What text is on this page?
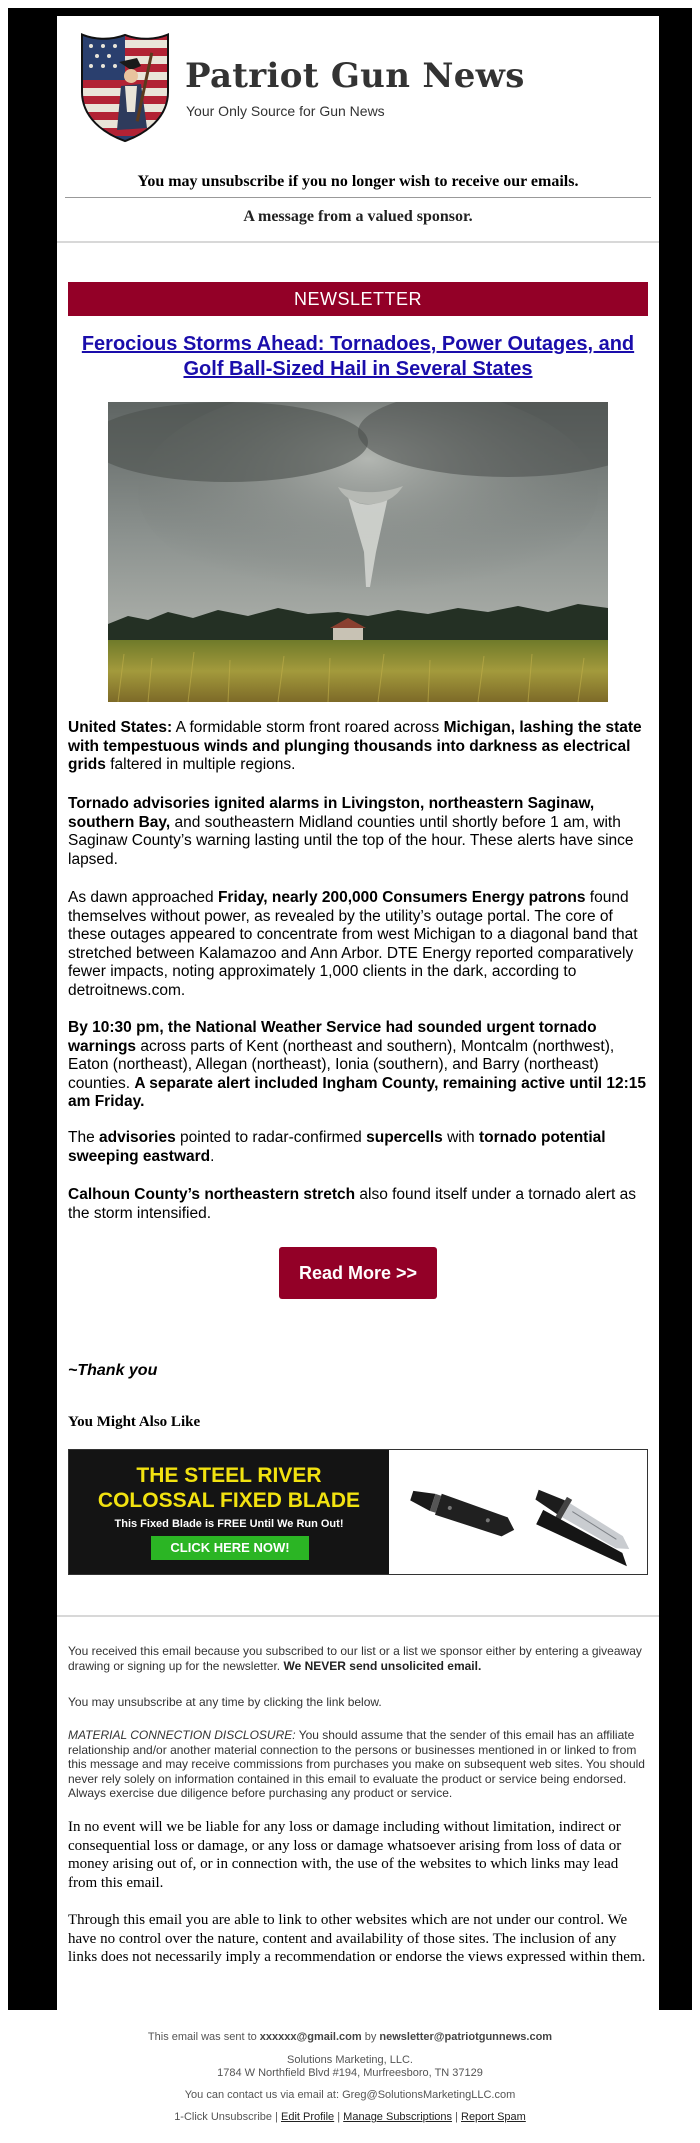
Patriot Gun News
Your Only Source for Gun News
You may unsubscribe if you no longer wish to receive our emails.
A message from a valued sponsor.
NEWSLETTER
Ferocious Storms Ahead: Tornadoes, Power Outages, and Golf Ball-Sized Hail in Several States
United States: A formidable storm front roared across Michigan, lashing the state with tempestuous winds and plunging thousands into darkness as electrical grids faltered in multiple regions.
Tornado advisories ignited alarms in Livingston, northeastern Saginaw, southern Bay, and southeastern Midland counties until shortly before 1 am, with Saginaw County’s warning lasting until the top of the hour. These alerts have since lapsed.
As dawn approached Friday, nearly 200,000 Consumers Energy patrons found themselves without power, as revealed by the utility’s outage portal. The core of these outages appeared to concentrate from west Michigan to a diagonal band that stretched between Kalamazoo and Ann Arbor. DTE Energy reported comparatively fewer impacts, noting approximately 1,000 clients in the dark, according to detroitnews.com.
By 10:30 pm, the National Weather Service had sounded urgent tornado warnings across parts of Kent (northeast and southern), Montcalm (northwest), Eaton (northeast), Allegan (northeast), Ionia (southern), and Barry (northeast) counties. A separate alert included Ingham County, remaining active until 12:15 am Friday.
The advisories pointed to radar-confirmed supercells with tornado potential sweeping eastward.
Calhoun County’s northeastern stretch also found itself under a tornado alert as the storm intensified.
Read More >>
~Thank you
You Might Also Like
THE STEEL RIVER
COLOSSAL FIXED BLADE
This Fixed Blade is FREE Until We Run Out!
CLICK HERE NOW!
You received this email because you subscribed to our list or a list we sponsor either by entering a giveaway drawing or signing up for the newsletter. We NEVER send unsolicited email.
You may unsubscribe at any time by clicking the link below.
MATERIAL CONNECTION DISCLOSURE: You should assume that the sender of this email has an affiliate relationship and/or another material connection to the persons or businesses mentioned in or linked to from this message and may receive commissions from purchases you make on subsequent web sites. You should never rely solely on information contained in this email to evaluate the product or service being endorsed. Always exercise due diligence before purchasing any product or service.
In no event will we be liable for any loss or damage including without limitation, indirect or consequential loss or damage, or any loss or damage whatsoever arising from loss of data or money arising out of, or in connection with, the use of the websites to which links may lead from this email.
Through this email you are able to link to other websites which are not under our control. We have no control over the nature, content and availability of those sites. The inclusion of any links does not necessarily imply a recommendation or endorse the views expressed within them.
This email was sent to xxxxxx@gmail.com by newsletter@patriotgunnews.com
Solutions Marketing, LLC.
1784 W Northfield Blvd #194, Murfreesboro, TN 37129
You can contact us via email at: Greg@SolutionsMarketingLLC.com
1-Click Unsubscribe | Edit Profile | Manage Subscriptions | Report Spam
